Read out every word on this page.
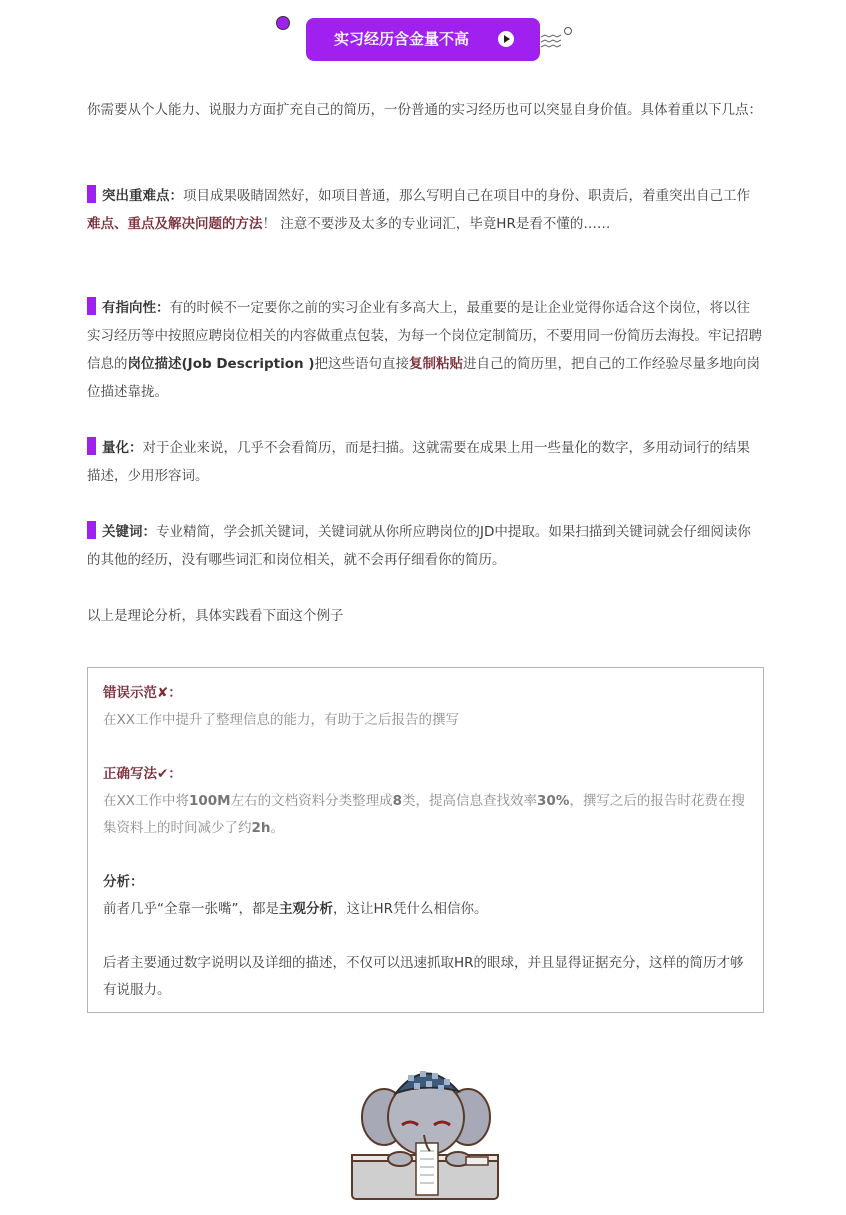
实习经历含金量不高

你需要从个人能力、说服力方面扩充自己的简历，一份普通的实习经历也可以突显自身价值。具体着重以下几点：

突出重难点：项目成果吸睛固然好，如项目普通，那么写明自己在项目中的身份、职责后，着重突出自己工作难点、重点及解决问题的方法！ 注意不要涉及太多的专业词汇，毕竟HR是看不懂的……

有指向性：有的时候不一定要你之前的实习企业有多高大上，最重要的是让企业觉得你适合这个岗位，将以往实习经历等中按照应聘岗位相关的内容做重点包装，为每一个岗位定制简历，不要用同一份简历去海投。牢记招聘信息的岗位描述(Job Description )把这些语句直接复制粘贴进自己的简历里，把自己的工作经验尽量多地向岗位描述靠拢。

量化：对于企业来说，几乎不会看简历，而是扫描。这就需要在成果上用一些量化的数字，多用动词行的结果描述，少用形容词。

关键词：专业精简，学会抓关键词，关键词就从你所应聘岗位的JD中提取。如果扫描到关键词就会仔细阅读你的其他的经历，没有哪些词汇和岗位相关，就不会再仔细看你的简历。

以上是理论分析，具体实践看下面这个例子

错误示范✘：
在XX工作中提升了整理信息的能力，有助于之后报告的撰写
正确写法✔：
在XX工作中将100M左右的文档资料分类整理成8类，提高信息查找效率30%，撰写之后的报告时花费在搜集资料上的时间减少了约2h。
分析：
前者几乎“全靠一张嘴”，都是主观分析，这让HR凭什么相信你。
后者主要通过数字说明以及详细的描述，不仅可以迅速抓取HR的眼球，并且显得证据充分，这样的简历才够有说服力。
